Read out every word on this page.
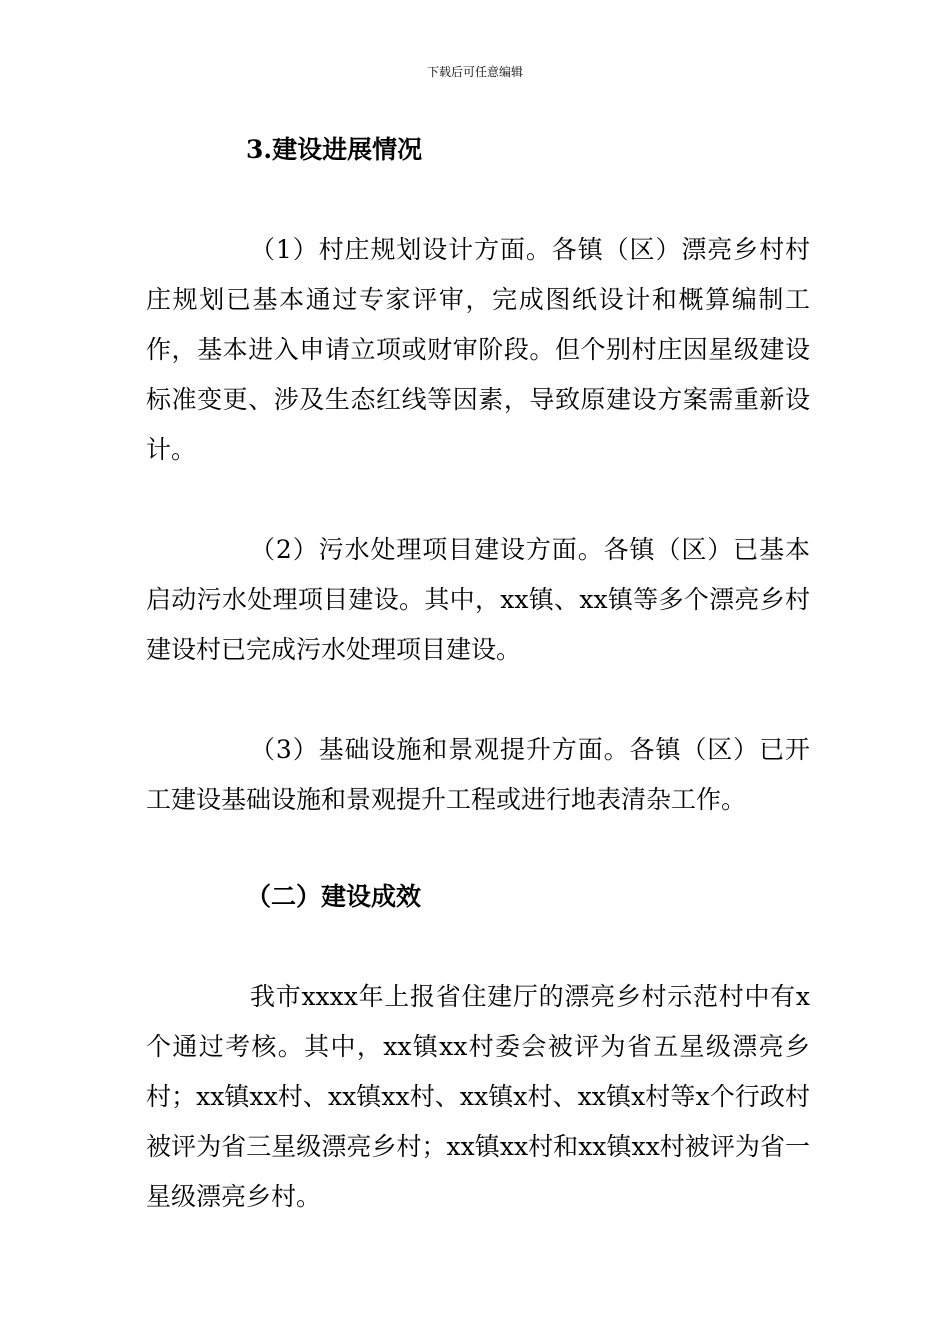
下载后可任意编辑
3.建设进展情况

（1）村庄规划设计方面。各镇（区）漂亮乡村村庄规划已基本通过专家评审，完成图纸设计和概算编制工作，基本进入申请立项或财审阶段。但个别村庄因星级建设标准变更、涉及生态红线等因素，导致原建设方案需重新设计。

（2）污水处理项目建设方面。各镇（区）已基本启动污水处理项目建设。其中，xx镇、xx镇等多个漂亮乡村建设村已完成污水处理项目建设。

（3）基础设施和景观提升方面。各镇（区）已开工建设基础设施和景观提升工程或进行地表清杂工作。

（二）建设成效

我市xxxx年上报省住建厅的漂亮乡村示范村中有x个通过考核。其中，xx镇xx村委会被评为省五星级漂亮乡村；xx镇xx村、xx镇xx村、xx镇x村、xx镇x村等x个行政村被评为省三星级漂亮乡村；xx镇xx村和xx镇xx村被评为省一星级漂亮乡村。
